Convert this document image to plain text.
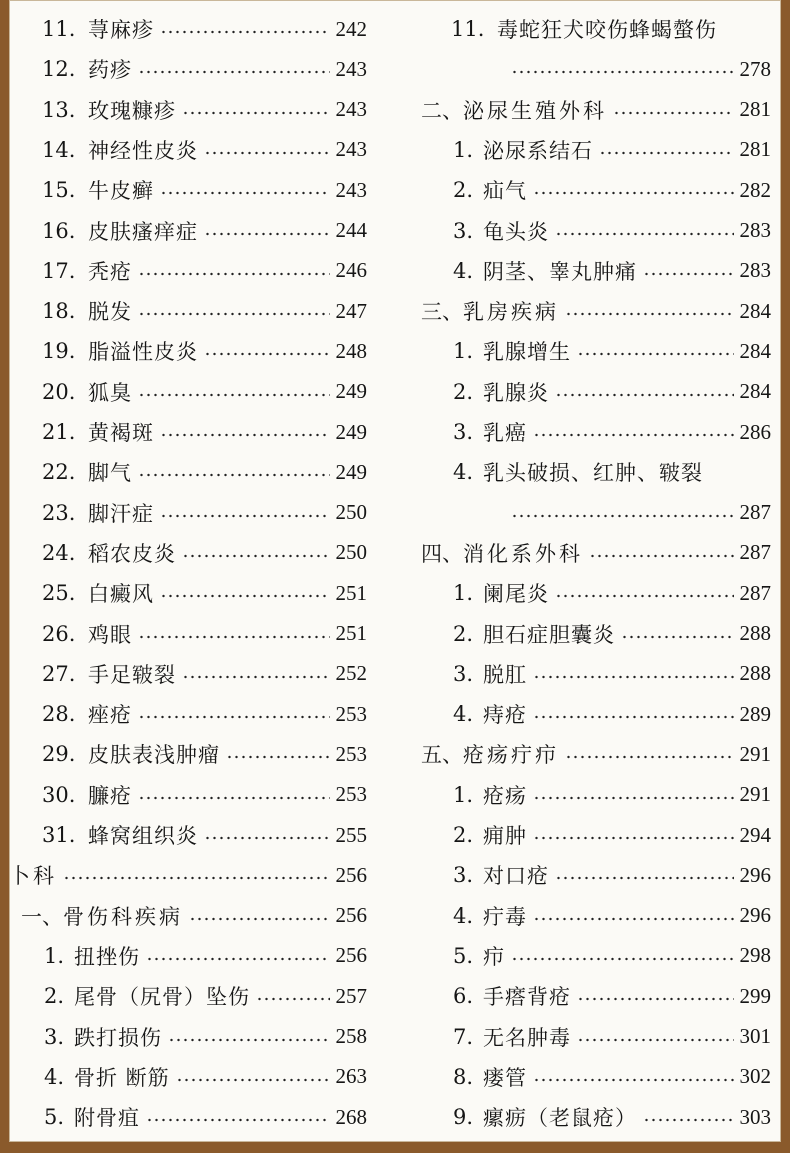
11. 荨麻疹	242
12. 药疹	243
13. 玫瑰糠疹	243
14. 神经性皮炎	243
15. 牛皮癣	243
16. 皮肤瘙痒症	244
17. 秃疮	246
18. 脱发	247
19. 脂溢性皮炎	248
20. 狐臭	249
21. 黄褐斑	249
22. 脚气	249
23. 脚汗症	250
24. 稻农皮炎	250
25. 白癜风	251
26. 鸡眼	251
27. 手足皲裂	252
28. 痤疮	253
29. 皮肤表浅肿瘤	253
30. 臁疮	253
31. 蜂窝组织炎	255
卜科	256
一、 骨伤科疾病	256
1. 扭挫伤	256
2. 尾骨（尻骨）坠伤	257
3. 跌打损伤	258
4. 骨折 断筋	263
5. 附骨疽	268
11. 毒蛇狂犬咬伤蜂蝎螫伤
278
二、 泌尿生殖外科	281
1. 泌尿系结石	281
2. 疝气	282
3. 龟头炎	283
4. 阴茎、睾丸肿痛	283
三、 乳房疾病	284
1. 乳腺增生	284
2. 乳腺炎	284
3. 乳癌	286
4. 乳头破损、红肿、皲裂
287
四、 消化系外科	287
1. 阑尾炎	287
2. 胆石症胆囊炎	288
3. 脱肛	288
4. 痔疮	289
五、 疮疡疔疖	291
1. 疮疡	291
2. 痈肿	294
3. 对口疮	296
4. 疔毒	296
5. 疖	298
6. 手瘩背疮	299
7. 无名肿毒	301
8. 瘘管	302
9. 瘰疬（老鼠疮）	303
